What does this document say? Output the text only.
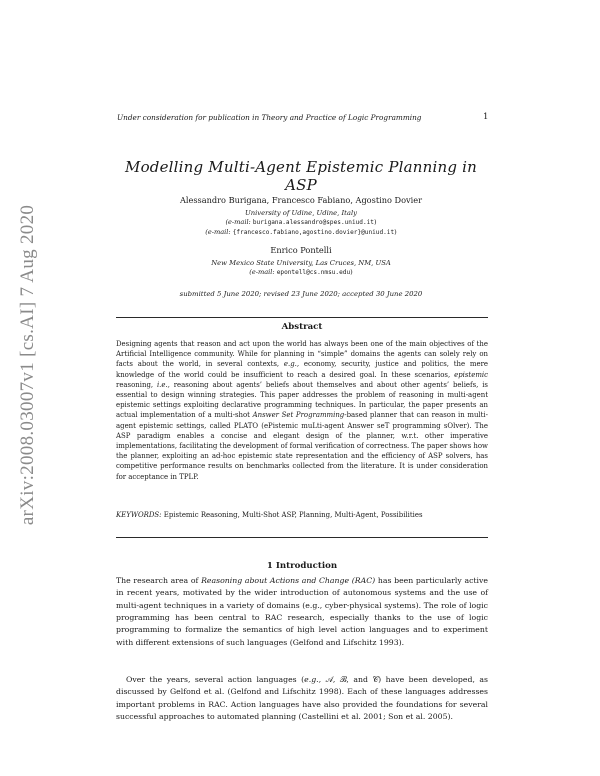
arXiv:2008.03007v1 [cs.AI] 7 Aug 2020
Under consideration for publication in Theory and Practice of Logic Programming	1
Modelling Multi-Agent Epistemic Planning in ASP
Alessandro Burigana, Francesco Fabiano, Agostino Dovier
University of Udine, Udine, Italy
(e-mail: burigana.alessandro@spes.uniud.it)
(e-mail: {francesco.fabiano,agostino.dovier}@uniud.it)
Enrico Pontelli
New Mexico State University, Las Cruces, NM, USA
(e-mail: epontell@cs.nmsu.edu)
submitted 5 June 2020; revised 23 June 2020; accepted 30 June 2020
Abstract
Designing agents that reason and act upon the world has always been one of the main objectives of the Artificial Intelligence community. While for planning in “simple” domains the agents can solely rely on facts about the world, in several contexts, e.g., economy, security, justice and politics, the mere knowledge of the world could be insufficient to reach a desired goal. In these scenarios, epistemic reasoning, i.e., reasoning about agents’ beliefs about themselves and about other agents’ beliefs, is essential to design winning strategies. This paper addresses the problem of reasoning in multi-agent epistemic settings exploiting declarative programming techniques. In particular, the paper presents an actual implementation of a multi-shot Answer Set Programming-based planner that can reason in multi-agent epistemic settings, called PLATO (ePistemic muLti-agent Answer seT programming sOlver). The ASP paradigm enables a concise and elegant design of the planner, w.r.t. other imperative implementations, facilitating the development of formal verification of correctness. The paper shows how the planner, exploiting an ad-hoc epistemic state representation and the efficiency of ASP solvers, has competitive performance results on benchmarks collected from the literature. It is under consideration for acceptance in TPLP.
KEYWORDS: Epistemic Reasoning, Multi-Shot ASP, Planning, Multi-Agent, Possibilities
1 Introduction
The research area of Reasoning about Actions and Change (RAC) has been particularly active in recent years, motivated by the wider introduction of autonomous systems and the use of multi-agent techniques in a variety of domains (e.g., cyber-physical systems). The role of logic programming has been central to RAC research, especially thanks to the use of logic programming to formalize the semantics of high level action languages and to experiment with different extensions of such languages (Gelfond and Lifschitz 1993).
Over the years, several action languages (e.g., 𝒜, ℬ, and 𝒞) have been developed, as discussed by Gelfond et al. (Gelfond and Lifschitz 1998). Each of these languages addresses important problems in RAC. Action languages have also provided the foundations for several successful approaches to automated planning (Castellini et al. 2001; Son et al. 2005).
